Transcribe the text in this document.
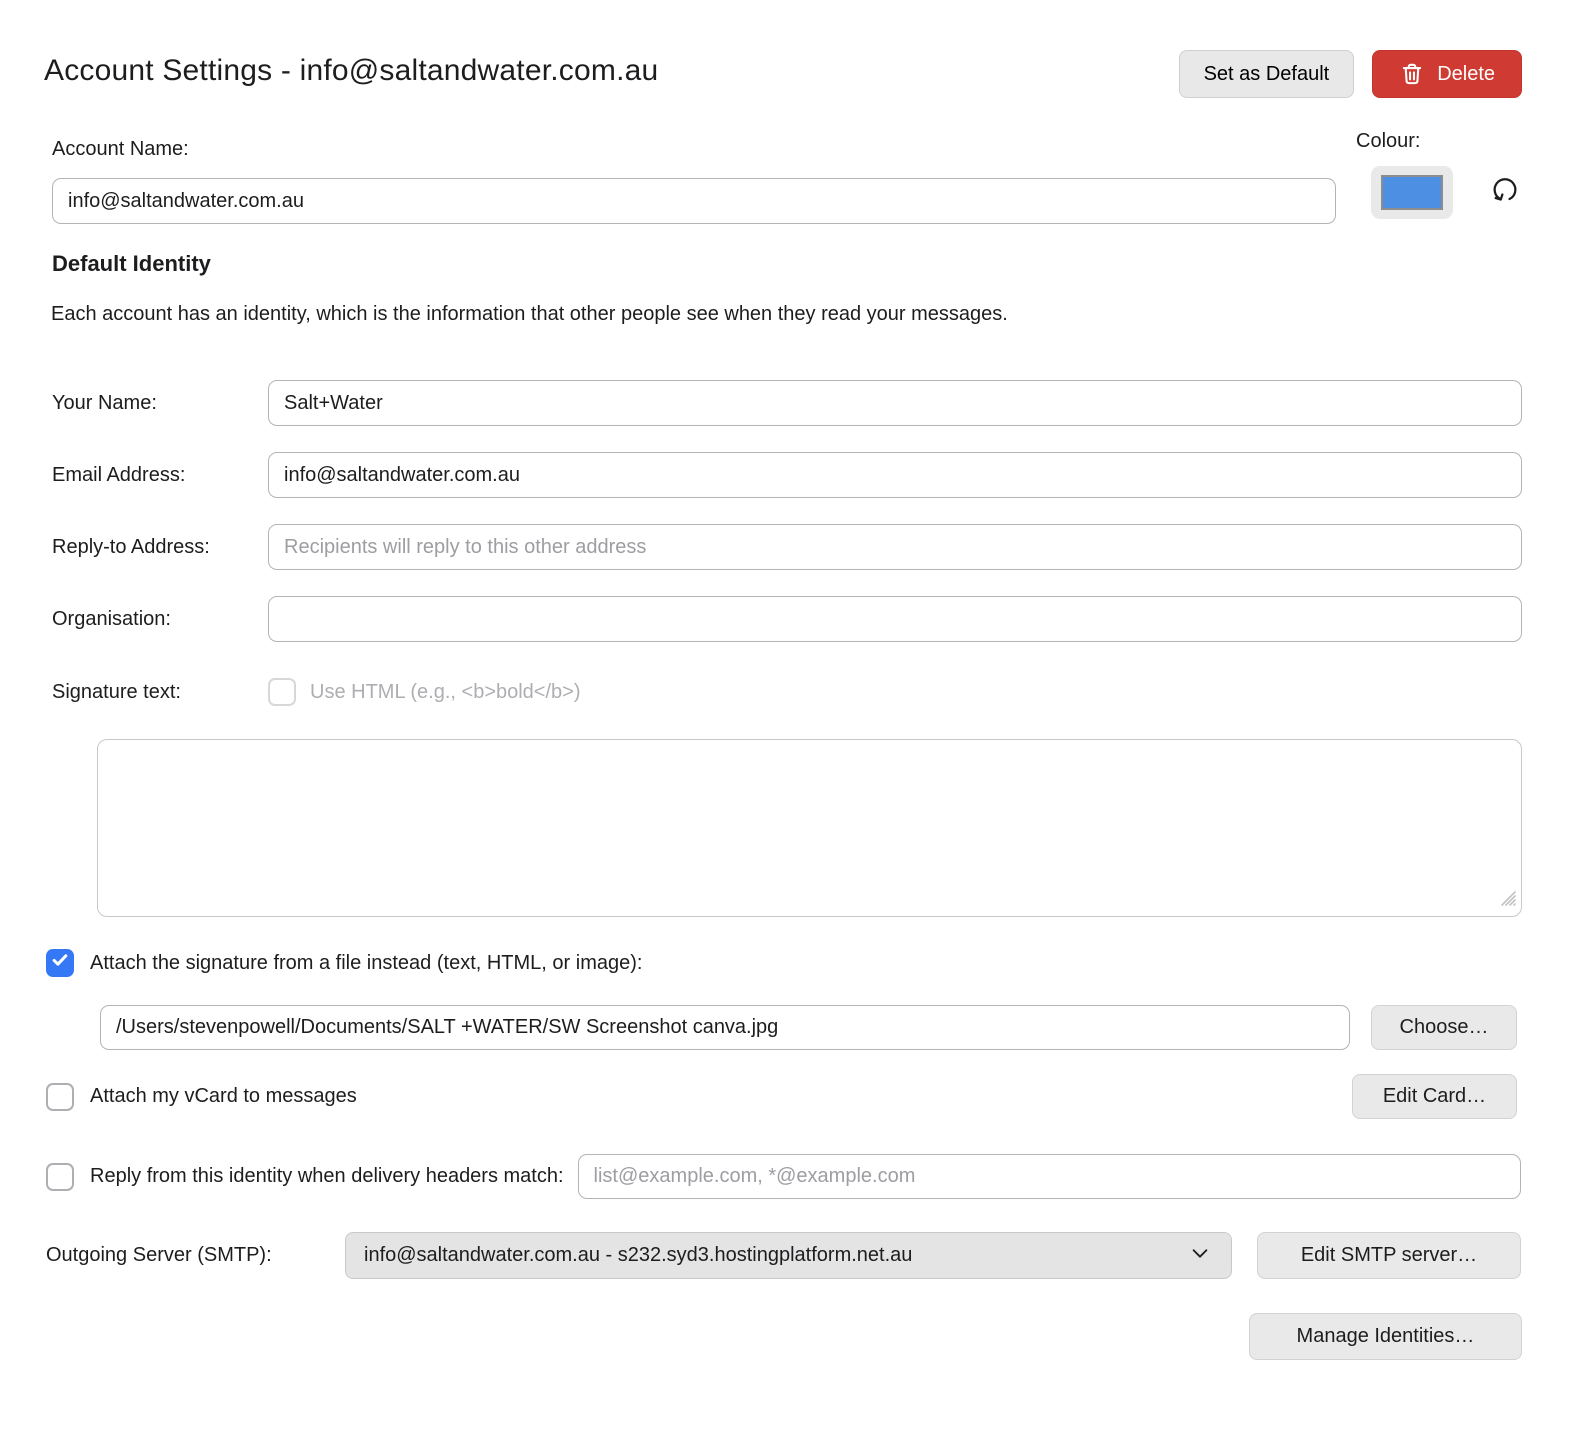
Account Settings - info@saltandwater.com.au	Set as Default	Delete
Account Name:
info@saltandwater.com.au	Colour:
Default Identity

Each account has an identity, which is the information that other people see when they read your messages.

Your Name:
Salt+Water
Email Address:
info@saltandwater.com.au
Reply-to Address:
Recipients will reply to this other address
Organisation:
Signature text:	Use HTML (e.g., <b>bold</b>)
Attach the signature from a file instead (text, HTML, or image):
/Users/stevenpowell/Documents/SALT +WATER/SW Screenshot canva.jpg
Choose…
Attach my vCard to messages	Edit Card…
Reply from this identity when delivery headers match:
list@example.com, *@example.com
Outgoing Server (SMTP):	info@saltandwater.com.au - s232.syd3.hostingplatform.net.au	Edit SMTP server…
Manage Identities…
